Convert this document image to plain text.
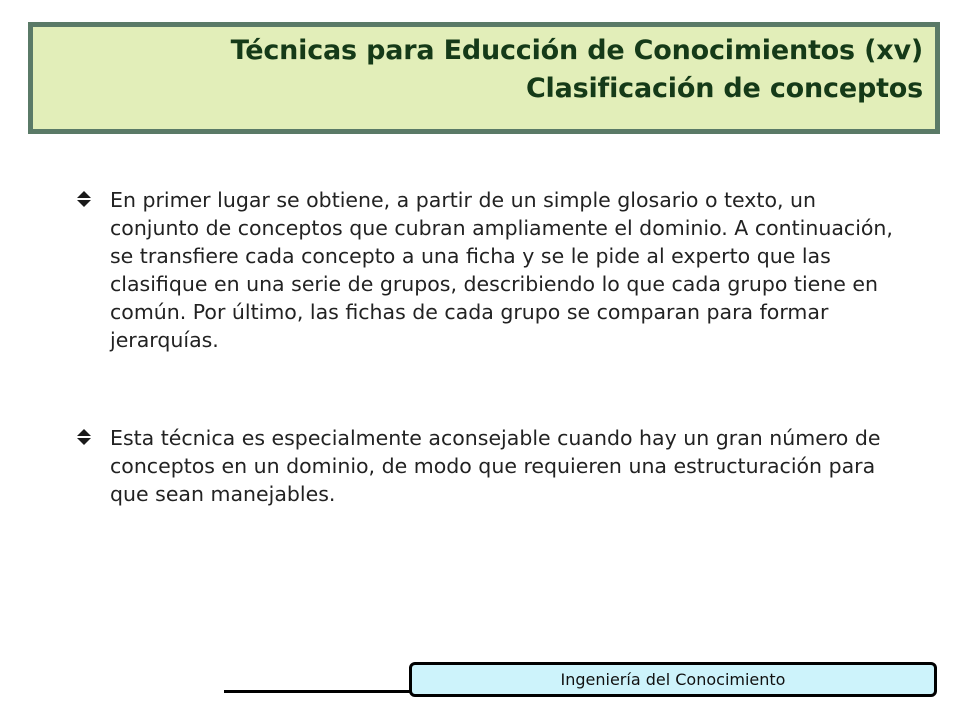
Técnicas para Educción de Conocimientos (xv)
Clasificación de conceptos
En primer lugar se obtiene, a partir de un simple glosario o texto, un conjunto de conceptos que cubran ampliamente el dominio. A continuación, se transfiere cada concepto a una ficha y se le pide al experto que las clasifique en una serie de grupos, describiendo lo que cada grupo tiene en común. Por último, las fichas de cada grupo se comparan para formar jerarquías.
Esta técnica es especialmente aconsejable cuando hay un gran número de conceptos en un dominio, de modo que requieren una estructuración para que sean manejables.
Ingeniería del Conocimiento
